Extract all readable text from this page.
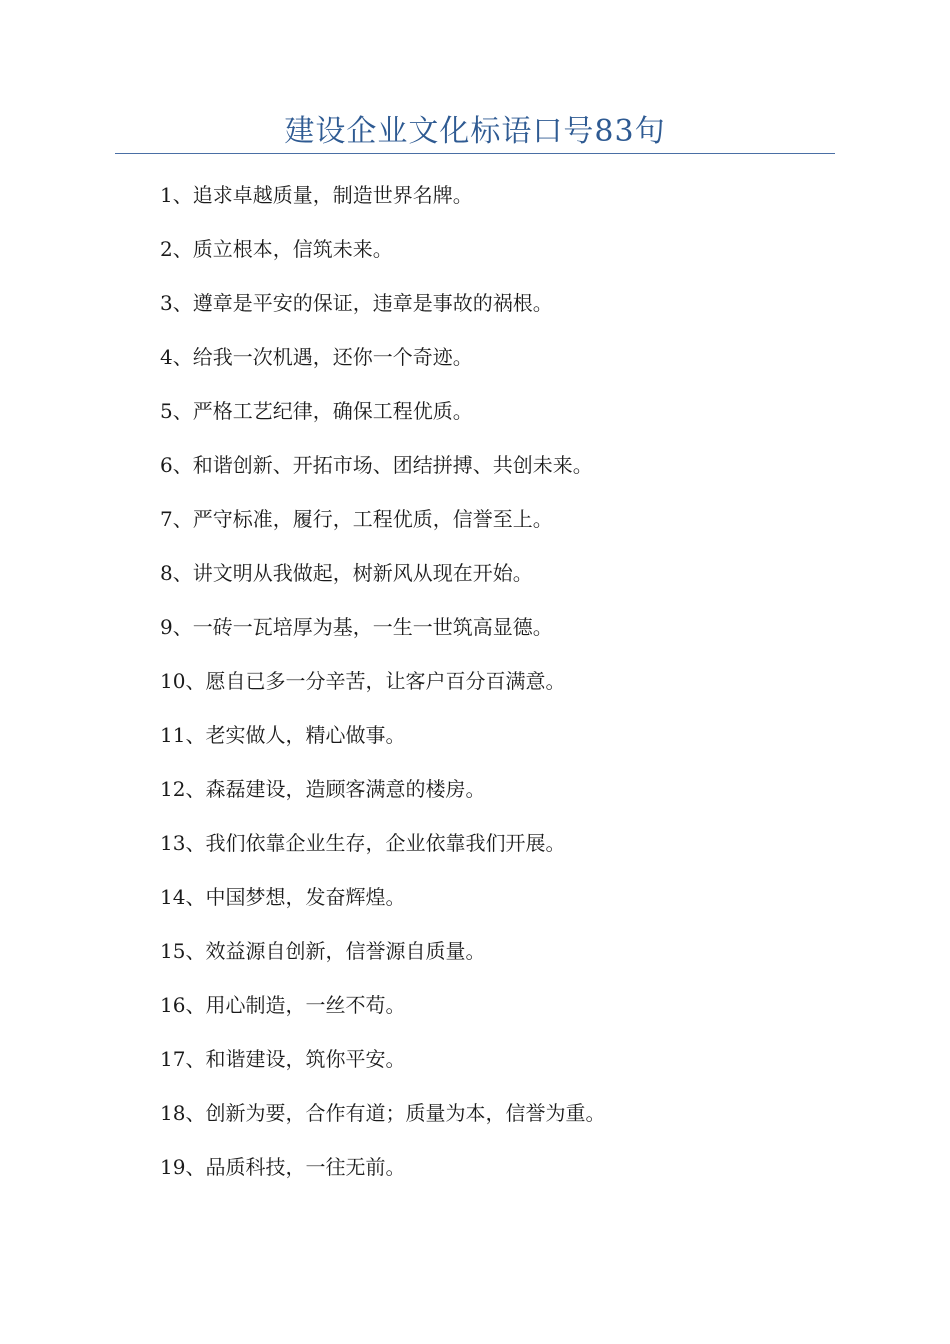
建设企业文化标语口号83句
1、追求卓越质量，制造世界名牌。
2、质立根本，信筑未来。
3、遵章是平安的保证，违章是事故的祸根。
4、给我一次机遇，还你一个奇迹。
5、严格工艺纪律，确保工程优质。
6、和谐创新、开拓市场、团结拼搏、共创未来。
7、严守标准，履行，工程优质，信誉至上。
8、讲文明从我做起，树新风从现在开始。
9、一砖一瓦培厚为基，一生一世筑高显德。
10、愿自已多一分辛苦，让客户百分百满意。
11、老实做人，精心做事。
12、森磊建设，造顾客满意的楼房。
13、我们依靠企业生存，企业依靠我们开展。
14、中国梦想，发奋辉煌。
15、效益源自创新，信誉源自质量。
16、用心制造，一丝不苟。
17、和谐建设，筑你平安。
18、创新为要，合作有道；质量为本，信誉为重。
19、品质科技，一往无前。
